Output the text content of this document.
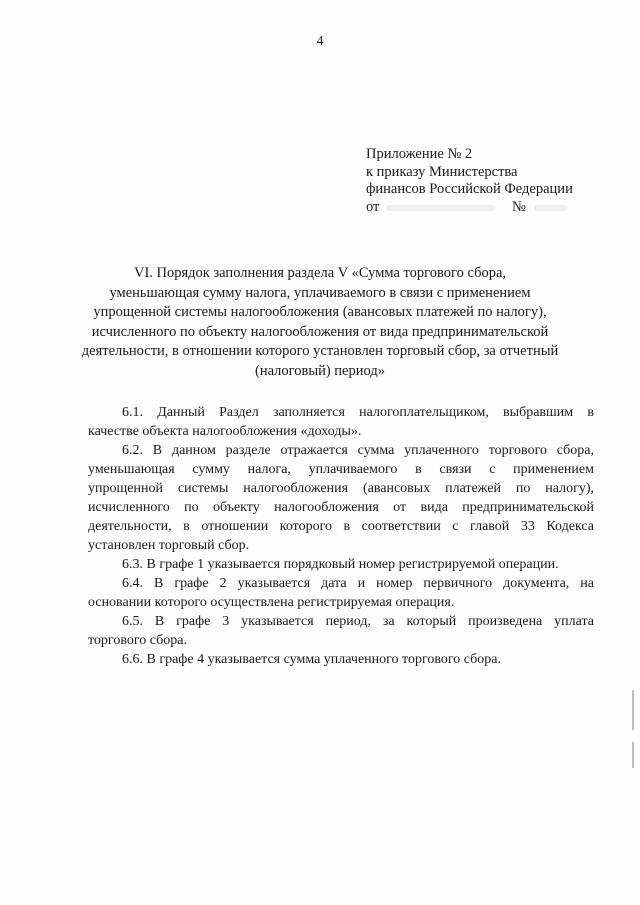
4
Приложение № 2
к приказу Министерства
финансов Российской Федерации
от	№
VI. Порядок заполнения раздела V «Сумма торгового сбора,
уменьшающая сумму налога, уплачиваемого в связи с применением
упрощенной системы налогообложения (авансовых платежей по налогу),
исчисленного по объекту налогообложения от вида предпринимательской
деятельности, в отношении которого установлен торговый сбор, за отчетный
(налоговый) период»
6.1. Данный Раздел заполняется налогоплательщиком, выбравшим в
качестве объекта налогообложения «доходы».
6.2. В данном разделе отражается сумма уплаченного торгового сбора,
уменьшающая сумму налога, уплачиваемого в связи с применением
упрощенной системы налогообложения (авансовых платежей по налогу),
исчисленного по объекту налогообложения от вида предпринимательской
деятельности, в отношении которого в соответствии с главой 33 Кодекса
установлен торговый сбор.
6.3. В графе 1 указывается порядковый номер регистрируемой операции.
6.4. В графе 2 указывается дата и номер первичного документа, на
основании которого осуществлена регистрируемая операция.
6.5. В графе 3 указывается период, за который произведена уплата
торгового сбора.
6.6. В графе 4 указывается сумма уплаченного торгового сбора.
